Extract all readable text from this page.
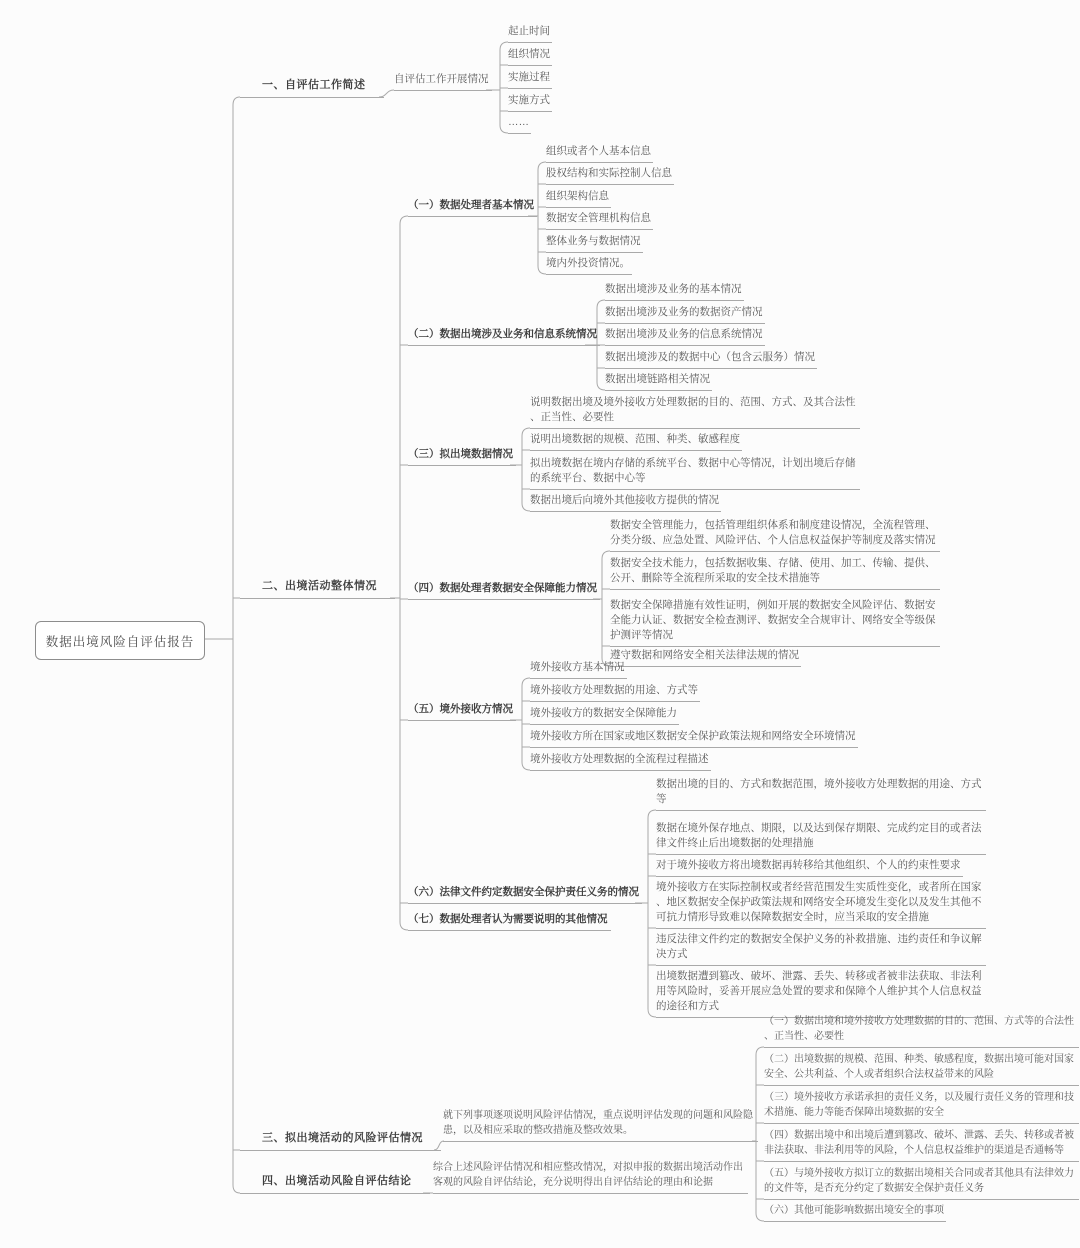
数据出境风险自评估报告
一、自评估工作简述	自评估工作开展情况
起止时间
组织情况
实施过程
实施方式
……
二、出境活动整体情况
（一）数据处理者基本情况
（二）数据出境涉及业务和信息系统情况
（三）拟出境数据情况
（四）数据处理者数据安全保障能力情况
（五）境外接收方情况
（六）法律文件约定数据安全保护责任义务的情况
（七）数据处理者认为需要说明的其他情况
组织或者个人基本信息
股权结构和实际控制人信息
组织架构信息
数据安全管理机构信息
整体业务与数据情况
境内外投资情况。
数据出境涉及业务的基本情况
数据出境涉及业务的数据资产情况
数据出境涉及业务的信息系统情况
数据出境涉及的数据中心（包含云服务）情况
数据出境链路相关情况
说明数据出境及境外接收方处理数据的目的、范围、方式、及其合法性、正当性、必要性
说明出境数据的规模、范围、种类、敏感程度
拟出境数据在境内存储的系统平台、数据中心等情况，计划出境后存储的系统平台、数据中心等
数据出境后向境外其他接收方提供的情况
数据安全管理能力，包括管理组织体系和制度建设情况，全流程管理、分类分级、应急处置、风险评估、个人信息权益保护等制度及落实情况
数据安全技术能力，包括数据收集、存储、使用、加工、传输、提供、公开、删除等全流程所采取的安全技术措施等
数据安全保障措施有效性证明，例如开展的数据安全风险评估、数据安全能力认证、数据安全检查测评、数据安全合规审计、网络安全等级保护测评等情况
遵守数据和网络安全相关法律法规的情况
境外接收方基本情况
境外接收方处理数据的用途、方式等
境外接收方的数据安全保障能力
境外接收方所在国家或地区数据安全保护政策法规和网络安全环境情况
境外接收方处理数据的全流程过程描述
数据出境的目的、方式和数据范围，境外接收方处理数据的用途、方式等
数据在境外保存地点、期限，以及达到保存期限、完成约定目的或者法律文件终止后出境数据的处理措施
对于境外接收方将出境数据再转移给其他组织、个人的约束性要求
境外接收方在实际控制权或者经营范围发生实质性变化，或者所在国家、地区数据安全保护政策法规和网络安全环境发生变化以及发生其他不可抗力情形导致难以保障数据安全时，应当采取的安全措施
违反法律文件约定的数据安全保护义务的补救措施、违约责任和争议解决方式
出境数据遭到篡改、破坏、泄露、丢失、转移或者被非法获取、非法利用等风险时，妥善开展应急处置的要求和保障个人维护其个人信息权益的途径和方式
三、拟出境活动的风险评估情况
就下列事项逐项说明风险评估情况，重点说明评估发现的问题和风险隐患，以及相应采取的整改措施及整改效果。
（一）数据出境和境外接收方处理数据的目的、范围、方式等的合法性、正当性、必要性
（二）出境数据的规模、范围、种类、敏感程度，数据出境可能对国家安全、公共利益、个人或者组织合法权益带来的风险
（三）境外接收方承诺承担的责任义务，以及履行责任义务的管理和技术措施、能力等能否保障出境数据的安全
（四）数据出境中和出境后遭到篡改、破坏、泄露、丢失、转移或者被非法获取、非法利用等的风险，个人信息权益维护的渠道是否通畅等
（五）与境外接收方拟订立的数据出境相关合同或者其他具有法律效力的文件等，是否充分约定了数据安全保护责任义务
（六）其他可能影响数据出境安全的事项
四、出境活动风险自评估结论
综合上述风险评估情况和相应整改情况，对拟申报的数据出境活动作出客观的风险自评估结论，充分说明得出自评估结论的理由和论据
